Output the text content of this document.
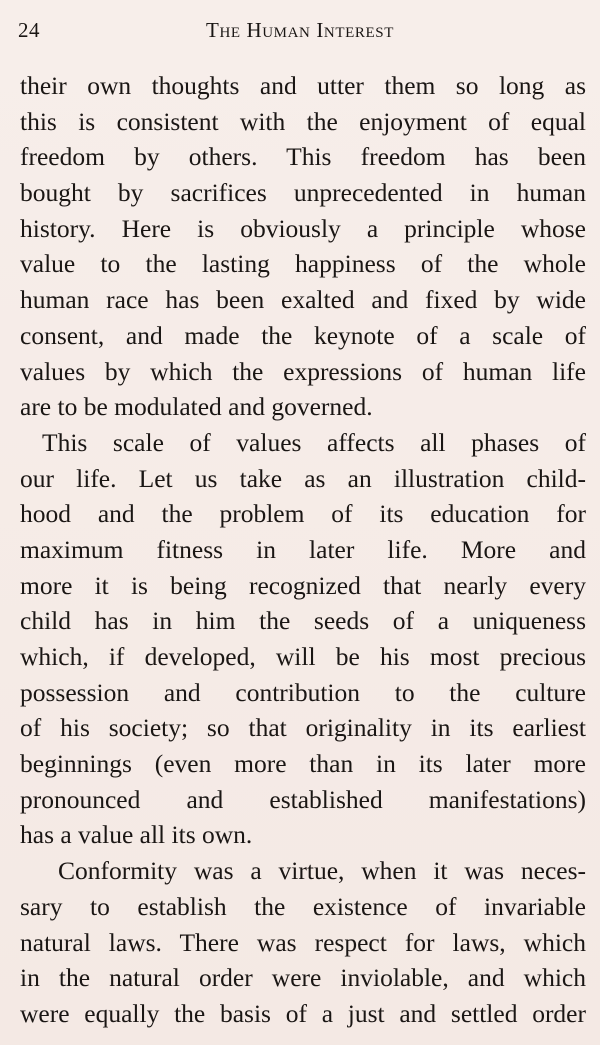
24	The Human Interest
their own thoughts and utter them so long as
this is consistent with the enjoyment of equal
freedom by others. This freedom has been
bought by sacrifices unprecedented in human
history. Here is obviously a principle whose
value to the lasting happiness of the whole
human race has been exalted and fixed by wide
consent, and made the keynote of a scale of
values by which the expressions of human life
are to be modulated and governed.
This scale of values affects all phases of
our life. Let us take as an illustration child-
hood and the problem of its education for
maximum fitness in later life. More and
more it is being recognized that nearly every
child has in him the seeds of a uniqueness
which, if developed, will be his most precious
possession and contribution to the culture
of his society; so that originality in its earliest
beginnings (even more than in its later more
pronounced and established manifestations)
has a value all its own.
Conformity was a virtue, when it was neces-
sary to establish the existence of invariable
natural laws. There was respect for laws, which
in the natural order were inviolable, and which
were equally the basis of a just and settled order
